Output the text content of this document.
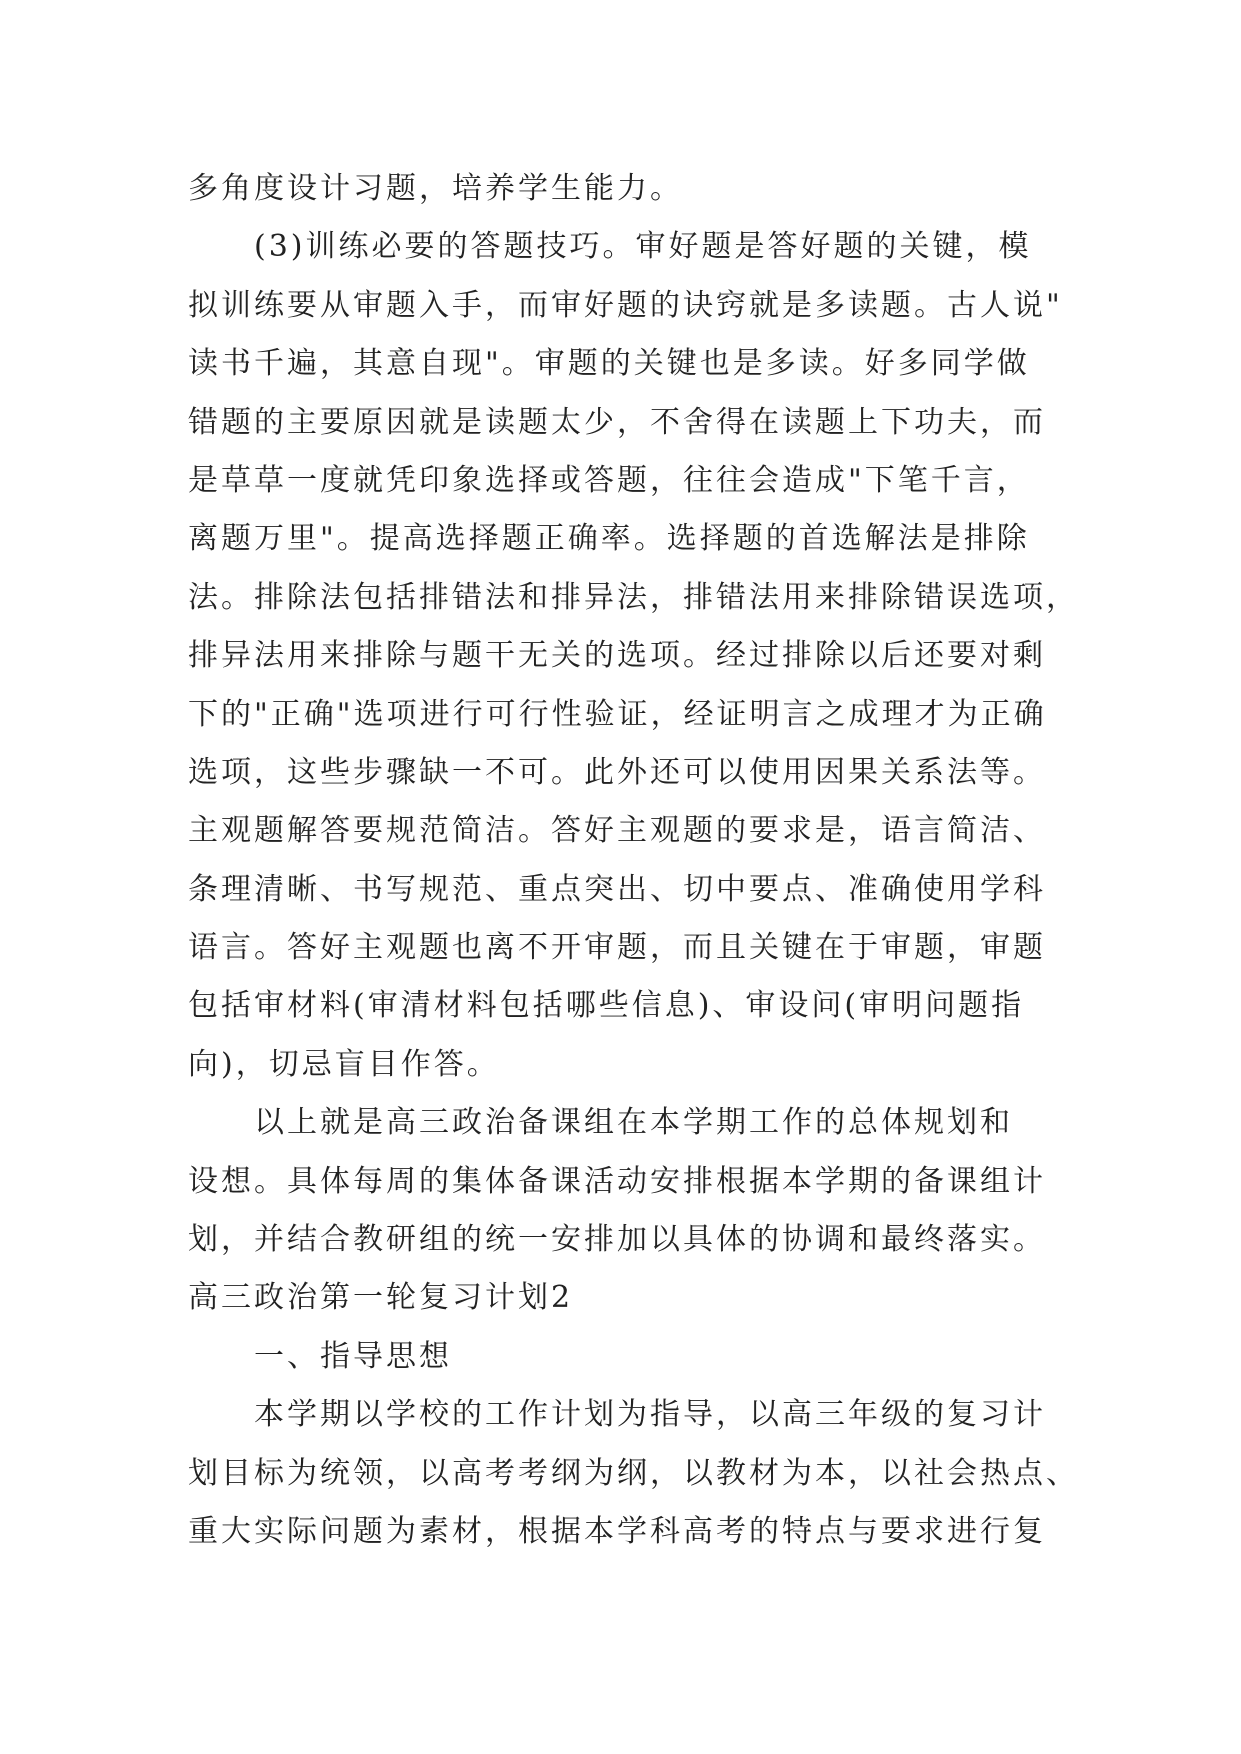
多角度设计习题，培养学生能力。
(3)训练必要的答题技巧。审好题是答好题的关键，模
拟训练要从审题入手，而审好题的诀窍就是多读题。古人说"
读书千遍，其意自现"。审题的关键也是多读。好多同学做
错题的主要原因就是读题太少，不舍得在读题上下功夫，而
是草草一度就凭印象选择或答题，往往会造成"下笔千言，
离题万里"。提高选择题正确率。选择题的首选解法是排除
法。排除法包括排错法和排异法，排错法用来排除错误选项，
排异法用来排除与题干无关的选项。经过排除以后还要对剩
下的"正确"选项进行可行性验证，经证明言之成理才为正确
选项，这些步骤缺一不可。此外还可以使用因果关系法等。
主观题解答要规范简洁。答好主观题的要求是，语言简洁、
条理清晰、书写规范、重点突出、切中要点、准确使用学科
语言。答好主观题也离不开审题，而且关键在于审题，审题
包括审材料(审清材料包括哪些信息)、审设问(审明问题指
向)，切忌盲目作答。
以上就是高三政治备课组在本学期工作的总体规划和
设想。具体每周的集体备课活动安排根据本学期的备课组计
划，并结合教研组的统一安排加以具体的协调和最终落实。
高三政治第一轮复习计划2
一、指导思想
本学期以学校的工作计划为指导，以高三年级的复习计
划目标为统领，以高考考纲为纲，以教材为本，以社会热点、
重大实际问题为素材，根据本学科高考的特点与要求进行复
